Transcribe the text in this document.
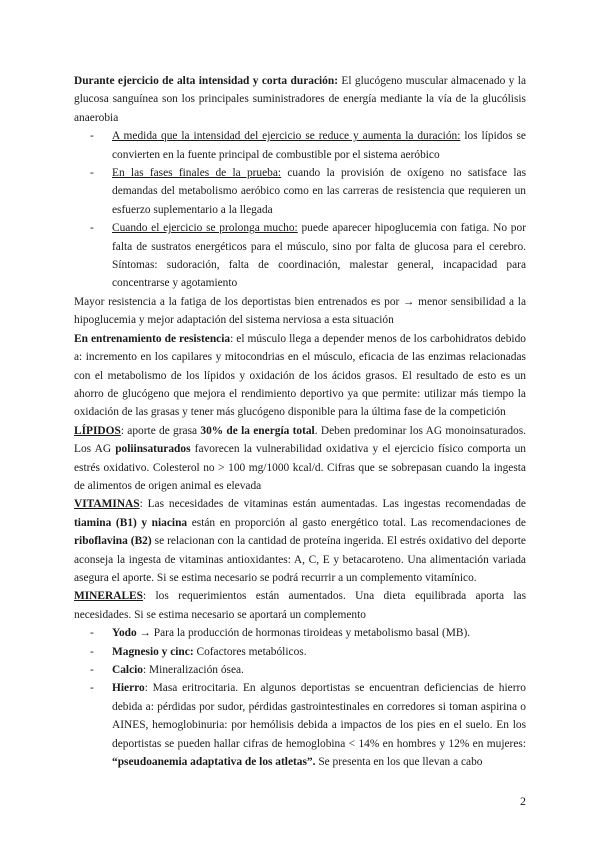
Durante ejercicio de alta intensidad y corta duración: El glucógeno muscular almacenado y la glucosa sanguínea son los principales suministradores de energía mediante la vía de la glucólisis anaerobia

- A medida que la intensidad del ejercicio se reduce y aumenta la duración: los lípidos se convierten en la fuente principal de combustible por el sistema aeróbico
- En las fases finales de la prueba: cuando la provisión de oxígeno no satisface las demandas del metabolismo aeróbico como en las carreras de resistencia que requieren un esfuerzo suplementario a la llegada
- Cuando el ejercicio se prolonga mucho: puede aparecer hipoglucemia con fatiga. No por falta de sustratos energéticos para el músculo, sino por falta de glucosa para el cerebro. Síntomas: sudoración, falta de coordinación, malestar general, incapacidad para concentrarse y agotamiento

Mayor resistencia a la fatiga de los deportistas bien entrenados es por → menor sensibilidad a la hipoglucemia y mejor adaptación del sistema nerviosa a esta situación

En entrenamiento de resistencia: el músculo llega a depender menos de los carbohidratos debido a: incremento en los capilares y mitocondrias en el músculo, eficacia de las enzimas relacionadas con el metabolismo de los lípidos y oxidación de los ácidos grasos. El resultado de esto es un ahorro de glucógeno que mejora el rendimiento deportivo ya que permite: utilizar más tiempo la oxidación de las grasas y tener más glucógeno disponible para la última fase de la competición

LÍPIDOS: aporte de grasa 30% de la energía total. Deben predominar los AG monoinsaturados. Los AG poliinsaturados favorecen la vulnerabilidad oxidativa y el ejercicio físico comporta un estrés oxidativo. Colesterol no > 100 mg/1000 kcal/d. Cifras que se sobrepasan cuando la ingesta de alimentos de origen animal es elevada

VITAMINAS: Las necesidades de vitaminas están aumentadas. Las ingestas recomendadas de tiamina (B1) y niacina están en proporción al gasto energético total. Las recomendaciones de riboflavina (B2) se relacionan con la cantidad de proteína ingerida. El estrés oxidativo del deporte aconseja la ingesta de vitaminas antioxidantes: A, C, E y betacaroteno. Una alimentación variada asegura el aporte. Si se estima necesario se podrá recurrir a un complemento vitamínico.

MINERALES: los requerimientos están aumentados. Una dieta equilibrada aporta las necesidades. Si se estima necesario se aportará un complemento

- Yodo → Para la producción de hormonas tiroideas y metabolismo basal (MB).
- Magnesio y cinc: Cofactores metabólicos.
- Calcio: Mineralización ósea.
- Hierro: Masa eritrocitaria. En algunos deportistas se encuentran deficiencias de hierro debida a: pérdidas por sudor, pérdidas gastrointestinales en corredores si toman aspirina o AINES, hemoglobinuria: por hemólisis debida a impactos de los pies en el suelo. En los deportistas se pueden hallar cifras de hemoglobina < 14% en hombres y 12% en mujeres: “pseudoanemia adaptativa de los atletas”. Se presenta en los que llevan a cabo
2
